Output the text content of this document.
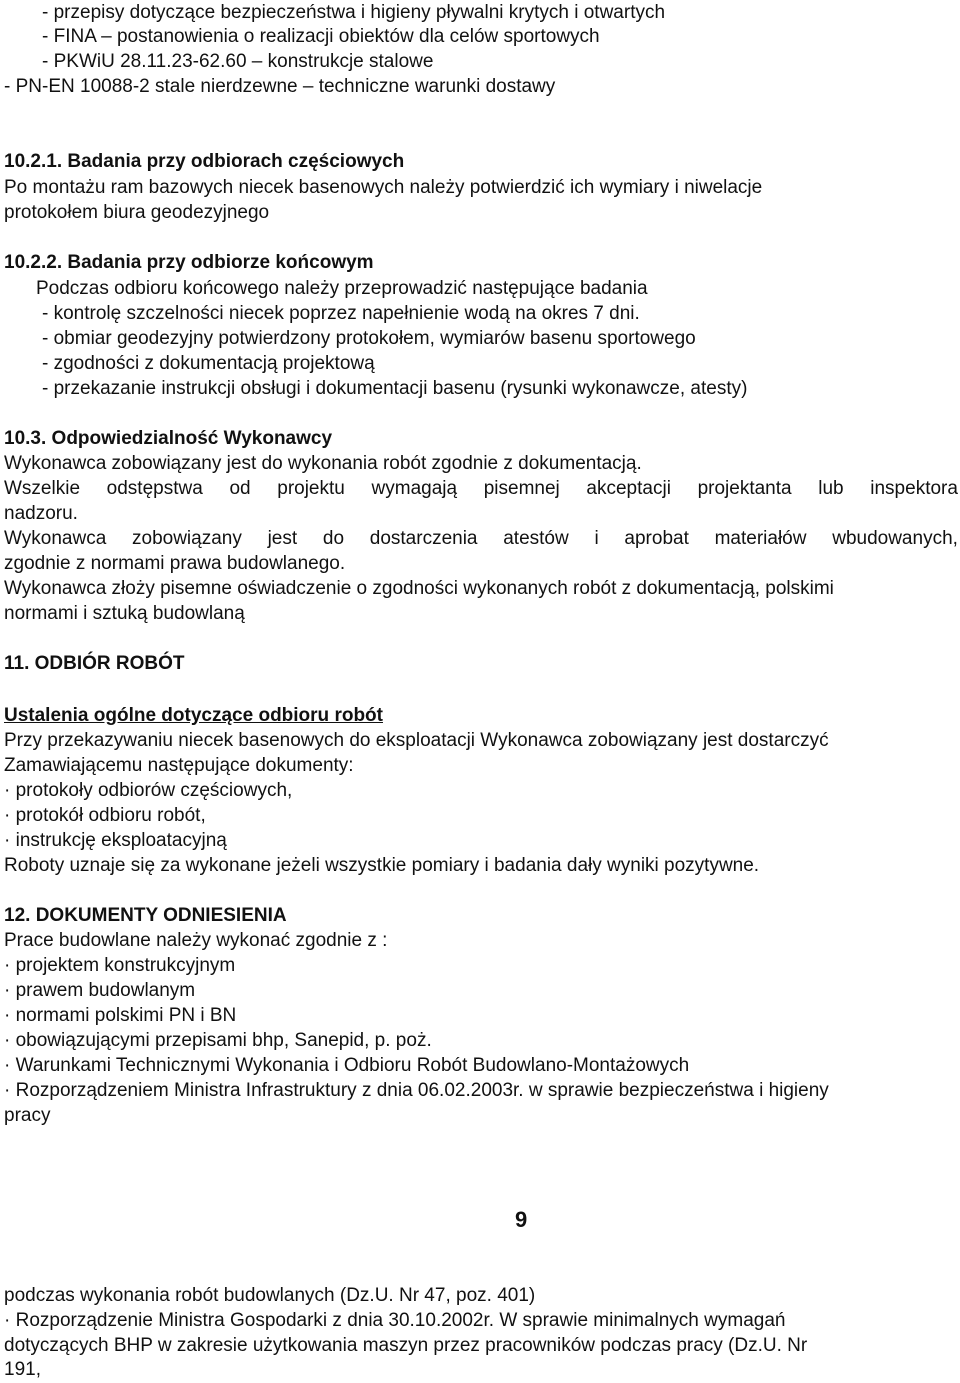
- przepisy dotyczące bezpieczeństwa i higieny pływalni krytych i otwartych
- FINA – postanowienia o realizacji obiektów dla celów sportowych
- PKWiU 28.11.23-62.60 – konstrukcje stalowe
- PN-EN 10088-2 stale nierdzewne – techniczne warunki dostawy
10.2.1. Badania przy odbiorach częściowych
Po montażu ram bazowych niecek basenowych należy potwierdzić ich wymiary i niwelacje
protokołem biura geodezyjnego
10.2.2. Badania przy odbiorze końcowym
Podczas odbioru końcowego należy przeprowadzić następujące badania
- kontrolę szczelności niecek poprzez napełnienie wodą na okres 7 dni.
- obmiar geodezyjny potwierdzony protokołem, wymiarów basenu sportowego
- zgodności z dokumentacją projektową
- przekazanie instrukcji obsługi i dokumentacji basenu (rysunki wykonawcze, atesty)
10.3. Odpowiedzialność Wykonawcy
Wykonawca zobowiązany jest do wykonania robót zgodnie z dokumentacją.
Wszelkie odstępstwa od projektu wymagają pisemnej akceptacji projektanta lub inspektora
nadzoru.
Wykonawca zobowiązany jest do dostarczenia atestów i aprobat materiałów wbudowanych,
zgodnie z normami prawa budowlanego.
Wykonawca złoży pisemne oświadczenie o zgodności wykonanych robót z dokumentacją, polskimi
normami i sztuką budowlaną
11. ODBIÓR ROBÓT
Ustalenia ogólne dotyczące odbioru robót
Przy przekazywaniu niecek basenowych do eksploatacji Wykonawca zobowiązany jest dostarczyć
Zamawiającemu następujące dokumenty:
· protokoły odbiorów częściowych,
· protokół odbioru robót,
· instrukcję eksploatacyjną
Roboty uznaje się za wykonane jeżeli wszystkie pomiary i badania dały wyniki pozytywne.
12. DOKUMENTY ODNIESIENIA
Prace budowlane należy wykonać zgodnie z :
· projektem konstrukcyjnym
· prawem budowlanym
· normami polskimi PN i BN
· obowiązującymi przepisami bhp, Sanepid, p. poż.
· Warunkami Technicznymi Wykonania i Odbioru Robót Budowlano-Montażowych
· Rozporządzeniem Ministra Infrastruktury z dnia 06.02.2003r. w sprawie bezpieczeństwa i higieny
pracy
9
podczas wykonania robót budowlanych (Dz.U. Nr 47, poz. 401)
· Rozporządzenie Ministra Gospodarki z dnia 30.10.2002r. W sprawie minimalnych wymagań
dotyczących BHP w zakresie użytkowania maszyn przez pracowników podczas pracy (Dz.U. Nr
191,
